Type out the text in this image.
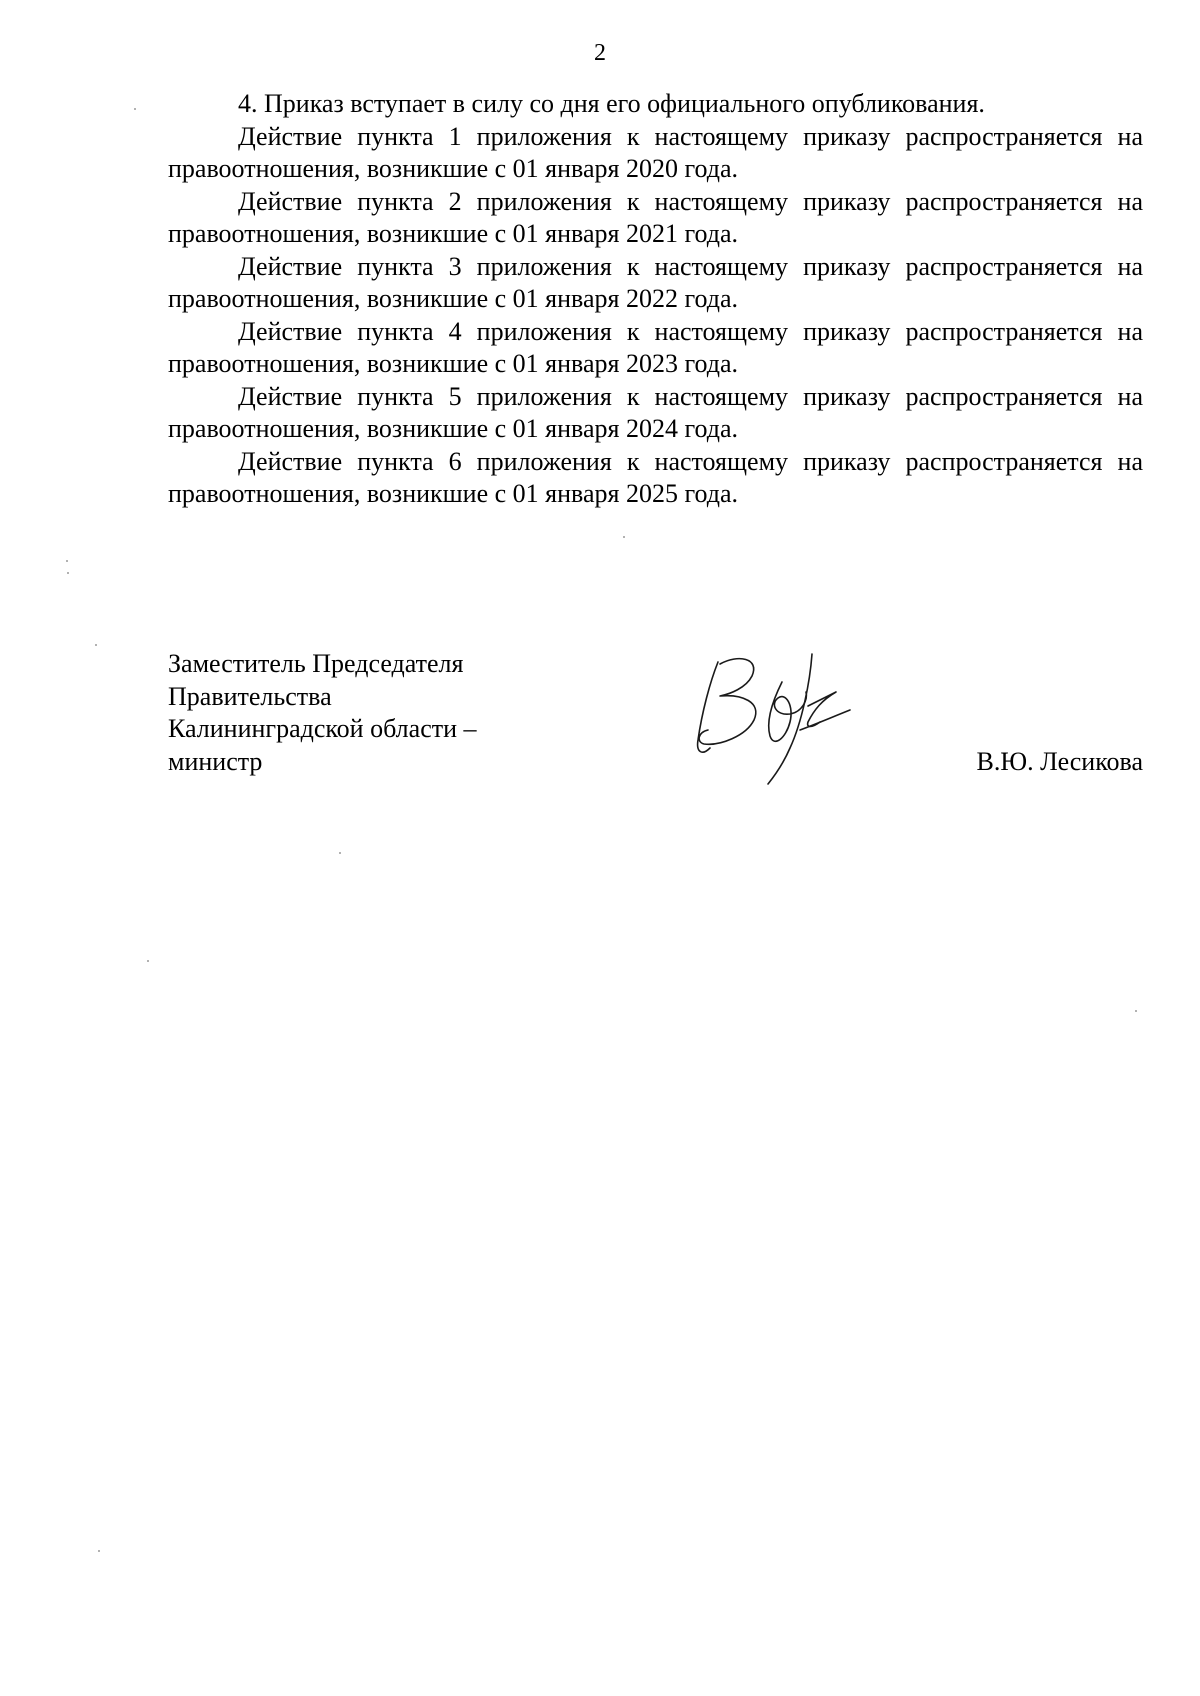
2

4. Приказ вступает в силу со дня его официального опубликования.

Действие пункта 1 приложения к настоящему приказу распространяется на правоотношения, возникшие с 01 января 2020 года.

Действие пункта 2 приложения к настоящему приказу распространяется на правоотношения, возникшие с 01 января 2021 года.

Действие пункта 3 приложения к настоящему приказу распространяется на правоотношения, возникшие с 01 января 2022 года.

Действие пункта 4 приложения к настоящему приказу распространяется на правоотношения, возникшие с 01 января 2023 года.

Действие пункта 5 приложения к настоящему приказу распространяется на правоотношения, возникшие с 01 января 2024 года.

Действие пункта 6 приложения к настоящему приказу распространяется на правоотношения, возникшие с 01 января 2025 года.

Заместитель Председателя
Правительства
Калининградской области –
министр	В.Ю. Лесикова
